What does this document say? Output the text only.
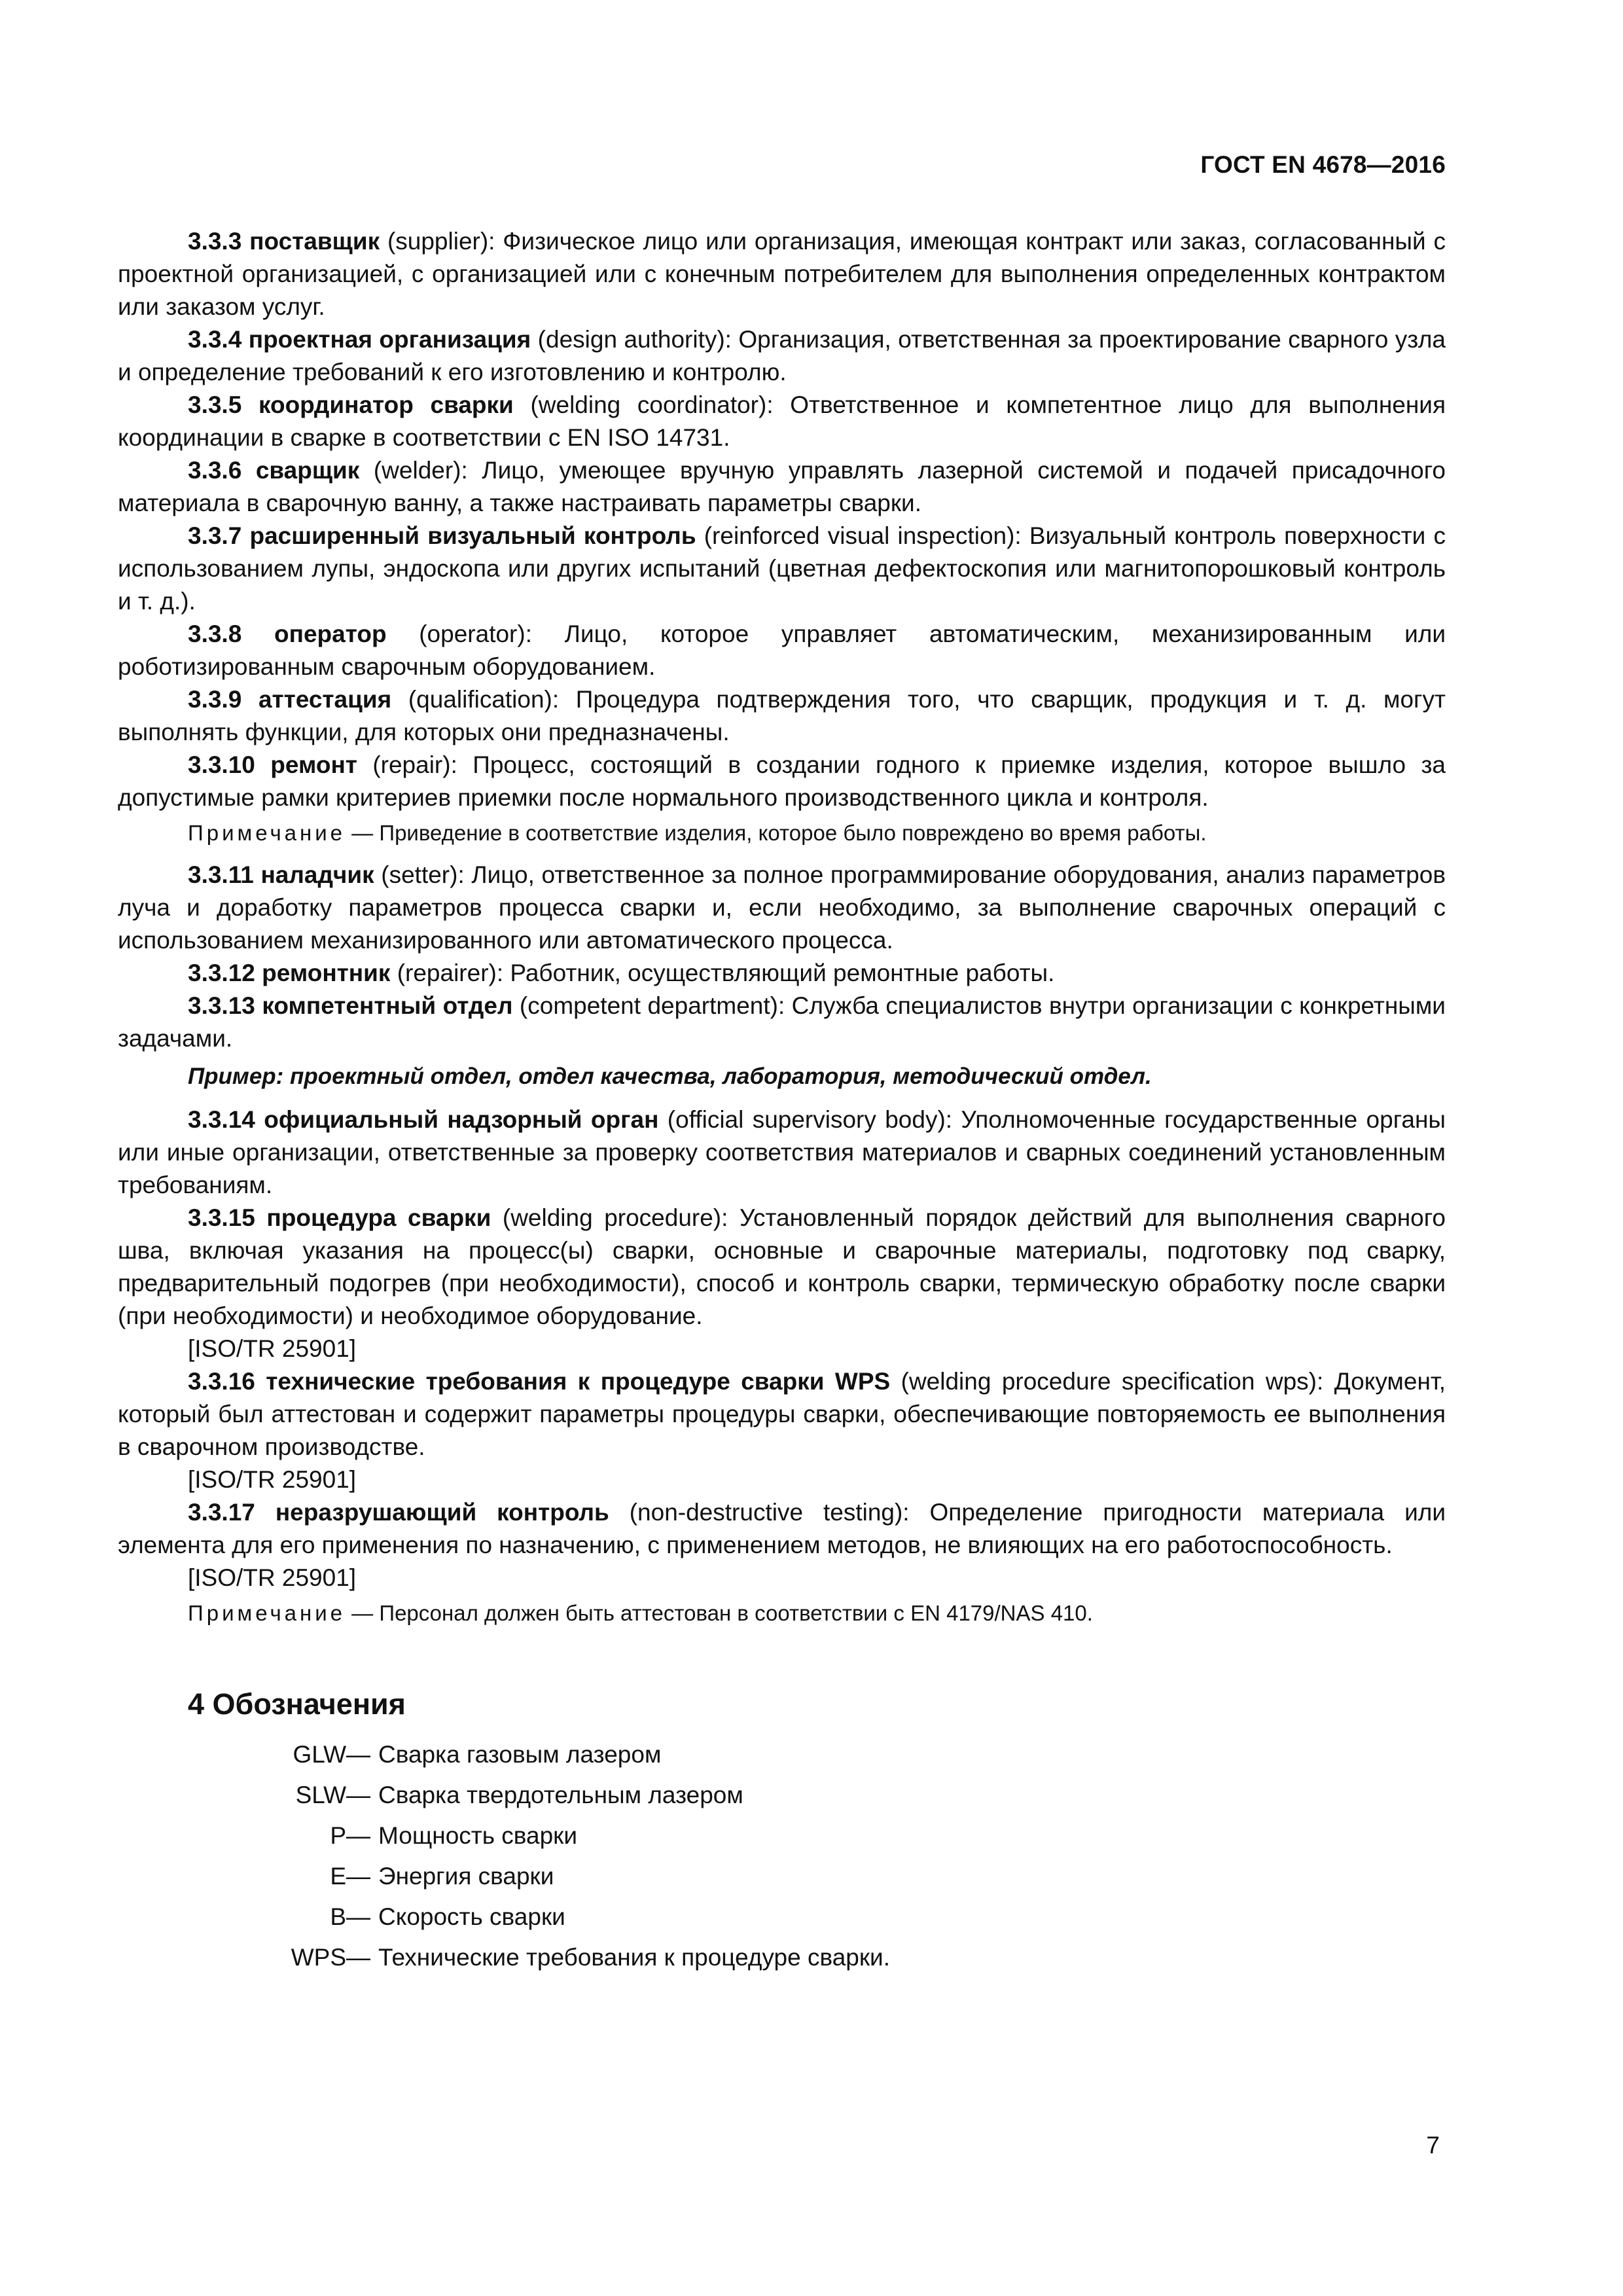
ГОСТ EN 4678—2016

3.3.3 поставщик (supplier): Физическое лицо или организация, имеющая контракт или заказ, согласованный с проектной организацией, с организацией или с конечным потребителем для выполнения определенных контрактом или заказом услуг.

3.3.4 проектная организация (design authority): Организация, ответственная за проектирование сварного узла и определение требований к его изготовлению и контролю.

3.3.5 координатор сварки (welding coordinator): Ответственное и компетентное лицо для выполнения координации в сварке в соответствии с EN ISO 14731.

3.3.6 сварщик (welder): Лицо, умеющее вручную управлять лазерной системой и подачей присадочного материала в сварочную ванну, а также настраивать параметры сварки.

3.3.7 расширенный визуальный контроль (reinforced visual inspection): Визуальный контроль поверхности с использованием лупы, эндоскопа или других испытаний (цветная дефектоскопия или магнитопорошковый контроль и т. д.).

3.3.8 оператор (operator): Лицо, которое управляет автоматическим, механизированным или роботизированным сварочным оборудованием.

3.3.9 аттестация (qualification): Процедура подтверждения того, что сварщик, продукция и т. д. могут выполнять функции, для которых они предназначены.

3.3.10 ремонт (repair): Процесс, состоящий в создании годного к приемке изделия, которое вышло за допустимые рамки критериев приемки после нормального производственного цикла и контроля.

Примечание — Приведение в соответствие изделия, которое было повреждено во время работы.

3.3.11 наладчик (setter): Лицо, ответственное за полное программирование оборудования, анализ параметров луча и доработку параметров процесса сварки и, если необходимо, за выполнение сварочных операций с использованием механизированного или автоматического процесса.

3.3.12 ремонтник (repairer): Работник, осуществляющий ремонтные работы.

3.3.13 компетентный отдел (competent department): Служба специалистов внутри организации с конкретными задачами.

Пример: проектный отдел, отдел качества, лаборатория, методический отдел.

3.3.14 официальный надзорный орган (official supervisory body): Уполномоченные государственные органы или иные организации, ответственные за проверку соответствия материалов и сварных соединений установленным требованиям.

3.3.15 процедура сварки (welding procedure): Установленный порядок действий для выполнения сварного шва, включая указания на процесс(ы) сварки, основные и сварочные материалы, подготовку под сварку, предварительный подогрев (при необходимости), способ и контроль сварки, термическую обработку после сварки (при необходимости) и необходимое оборудование.

[ISO/TR 25901]

3.3.16 технические требования к процедуре сварки WPS (welding procedure specification wps): Документ, который был аттестован и содержит параметры процедуры сварки, обеспечивающие повторяемость ее выполнения в сварочном производстве.

[ISO/TR 25901]

3.3.17 неразрушающий контроль (non-destructive testing): Определение пригодности материала или элемента для его применения по назначению, с применением методов, не влияющих на его работоспособность.

[ISO/TR 25901]

Примечание — Персонал должен быть аттестован в соответствии с EN 4179/NAS 410.
4 Обозначения
GLW — Сварка газовым лазером
SLW — Сварка твердотельным лазером
P — Мощность сварки
E — Энергия сварки
B — Скорость сварки
WPS — Технические требования к процедуре сварки.
7
